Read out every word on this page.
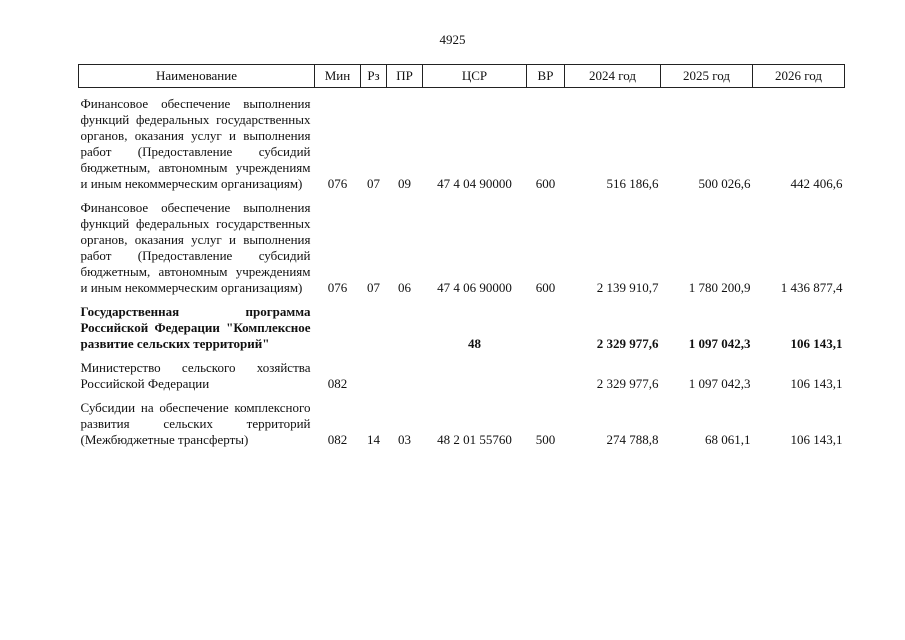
4925
Наименование	Мин	Рз	ПР	ЦСР	ВР	2024 год	2025 год	2026 год

Финансовое обеспечение выполнения функций федеральных государственных органов, оказания услуг и выполнения работ (Предоставление субсидий бюджетным, автономным учреждениям и иным некоммерческим организациям)	076	07	09	47 4 04 90000	600	516 186,6	500 026,6	442 406,6

Финансовое обеспечение выполнения функций федеральных государственных органов, оказания услуг и выполнения работ (Предоставление субсидий бюджетным, автономным учреждениям и иным некоммерческим организациям)	076	07	06	47 4 06 90000	600	2 139 910,7	1 780 200,9	1 436 877,4

Государственная программа Российской Федерации "Комплексное развитие сельских территорий"				48		2 329 977,6	1 097 042,3	106 143,1

Министерство сельского хозяйства Российской Федерации	082					2 329 977,6	1 097 042,3	106 143,1

Субсидии на обеспечение комплексного развития сельских территорий (Межбюджетные трансферты)	082	14	03	48 2 01 55760	500	274 788,8	68 061,1	106 143,1
